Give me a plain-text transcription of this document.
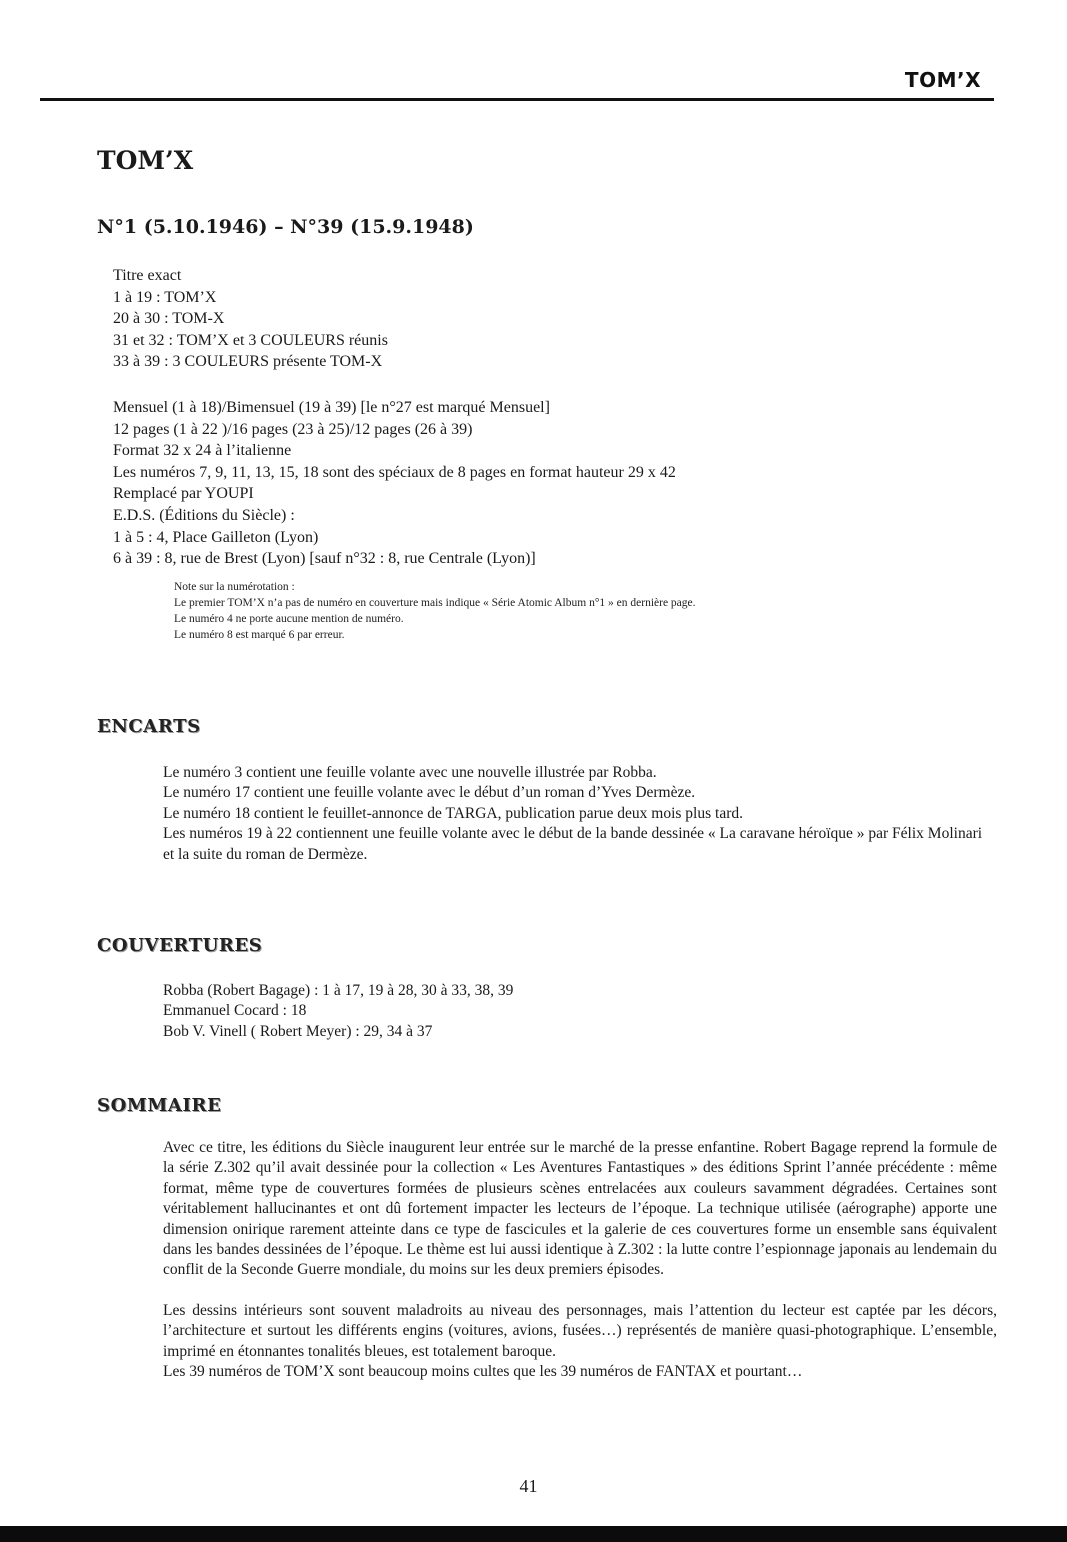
TOM’X
TOM’X
N°1 (5.10.1946) – N°39 (15.9.1948)

Titre exact

1 à 19 : TOM’X

20 à 30 : TOM-X

31 et 32 : TOM’X et 3 COULEURS réunis

33 à 39 : 3 COULEURS présente TOM-X

Mensuel (1 à 18)/Bimensuel (19 à 39) [le n°27 est marqué Mensuel]

12 pages (1 à 22 )/16 pages (23 à 25)/12 pages (26 à 39)

Format 32 x 24 à l’italienne

Les numéros 7, 9, 11, 13, 15, 18 sont des spéciaux de 8 pages en format hauteur 29 x 42

Remplacé par YOUPI

E.D.S. (Éditions du Siècle) :

1 à 5 : 4, Place Gailleton (Lyon)

6 à 39 : 8, rue de Brest (Lyon) [sauf n°32 : 8, rue Centrale (Lyon)]

Note sur la numérotation :

Le premier TOM’X n’a pas de numéro en couverture mais indique « Série Atomic Album n°1 » en dernière page.

Le numéro 4 ne porte aucune mention de numéro.

Le numéro 8 est marqué 6 par erreur.

ENCARTS

Le numéro 3 contient une feuille volante avec une nouvelle illustrée par Robba.

Le numéro 17 contient une feuille volante avec le début d’un roman d’Yves Dermèze.

Le numéro 18 contient le feuillet-annonce de TARGA, publication parue deux mois plus tard.

Les numéros 19 à 22 contiennent une feuille volante avec le début de la bande dessinée « La caravane héroïque » par Félix Molinari et la suite du roman de Dermèze.

COUVERTURES

Robba (Robert Bagage) : 1 à 17, 19 à 28, 30 à 33, 38, 39

Emmanuel Cocard : 18

Bob V. Vinell ( Robert Meyer) : 29, 34 à 37

SOMMAIRE

Avec ce titre, les éditions du Siècle inaugurent leur entrée sur le marché de la presse enfantine. Robert Bagage reprend la formule de la série Z.302 qu’il avait dessinée pour la collection « Les Aventures Fantastiques » des éditions Sprint l’année précédente : même format, même type de couvertures formées de plusieurs scènes entrelacées aux couleurs savamment dégradées. Certaines sont véritablement hallucinantes et ont dû fortement impacter les lecteurs de l’époque. La technique utilisée (aérographe) apporte une dimension onirique rarement atteinte dans ce type de fascicules et la galerie de ces couvertures forme un ensemble sans équivalent dans les bandes dessinées de l’époque. Le thème est lui aussi identique à Z.302 : la lutte contre l’espionnage japonais au lendemain du conflit de la Seconde Guerre mondiale, du moins sur les deux premiers épisodes.

Les dessins intérieurs sont souvent maladroits au niveau des personnages, mais l’attention du lecteur est captée par les décors, l’architecture et surtout les différents engins (voitures, avions, fusées…) représentés de manière quasi-photographique. L’ensemble, imprimé en étonnantes tonalités bleues, est totalement baroque.

Les 39 numéros de TOM’X sont beaucoup moins cultes que les 39 numéros de FANTAX et pourtant…

41
